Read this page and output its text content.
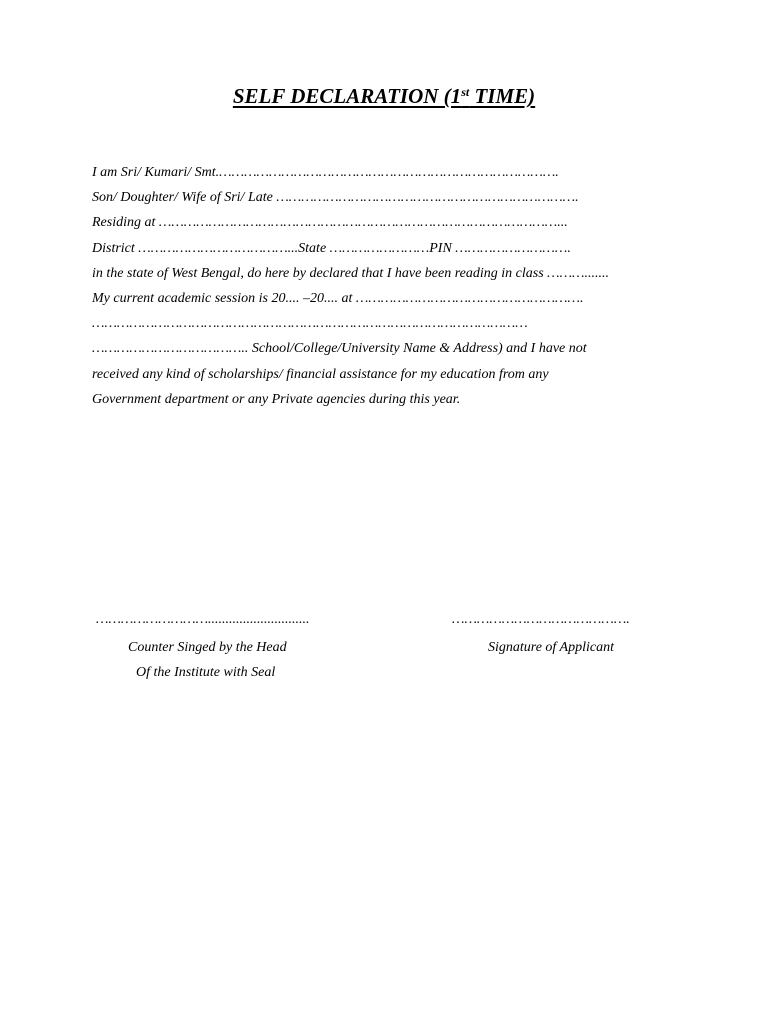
SELF DECLARATION (1st TIME)
I am Sri/ Kumari/ Smt.……………………………………………………………………….
Son/ Doughter/ Wife of Sri/ Late ……………………………………………………………….
Residing at ……………………………………………………………………………………...
District ………………………………...State ……………………PIN ……………………….
in the state of West Bengal, do here by declared that I have been reading in class ……….......
My current academic session is 20.... –20.... at ……………………………………………….
……………………………………………………………………………………………
……………………………….. School/College/University Name & Address) and I have not
received any kind of scholarships/ financial assistance for my education from any
Government department or any Private agencies during this year.
……………………….............................	…………………………………….
Counter Singed by the Head
Of the Institute with Seal
Signature of Applicant
